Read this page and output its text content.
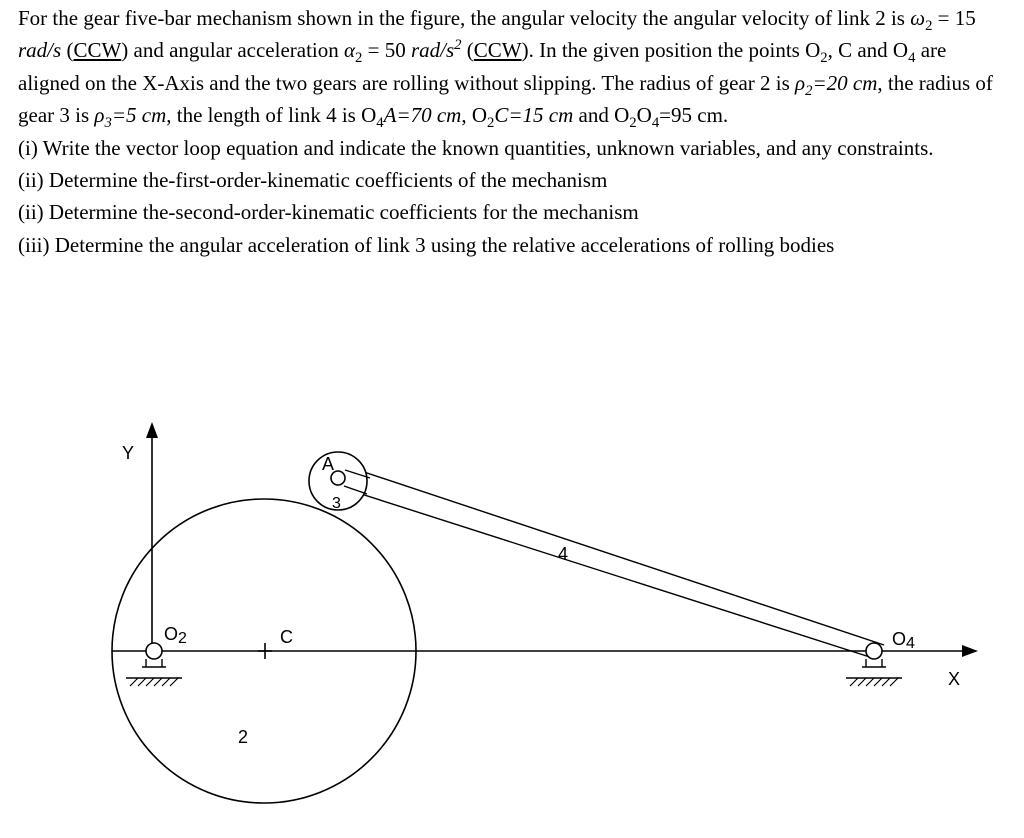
For the gear five-bar mechanism shown in the figure, the angular velocity the angular velocity of link 2 is $\omega_2 = 15$ rad/s (CCW) and angular acceleration $\alpha_2 = 50$ rad/$s^2$ (CCW). In the given position the points $O_2$, C and $O_4$ are aligned on the X-Axis and the two gears are rolling without slipping. The radius of gear 2 is $\rho_2=20$ cm, the radius of gear 3 is $\rho_3=5$ cm, the length of link 4 is $O_4A=70$ cm, $O_2C=15$ cm and $O_2O_4=95$ cm.

(i) Write the vector loop equation and indicate the known quantities, unknown variables, and any constraints.

(ii) Determine the-first-order-kinematic coefficients of the mechanism

(ii) Determine the-second-order-kinematic coefficients for the mechanism

(iii) Determine the angular acceleration of link 3 using the relative accelerations of rolling bodies

Y
X
O2	O4
C
A
3
4
2
